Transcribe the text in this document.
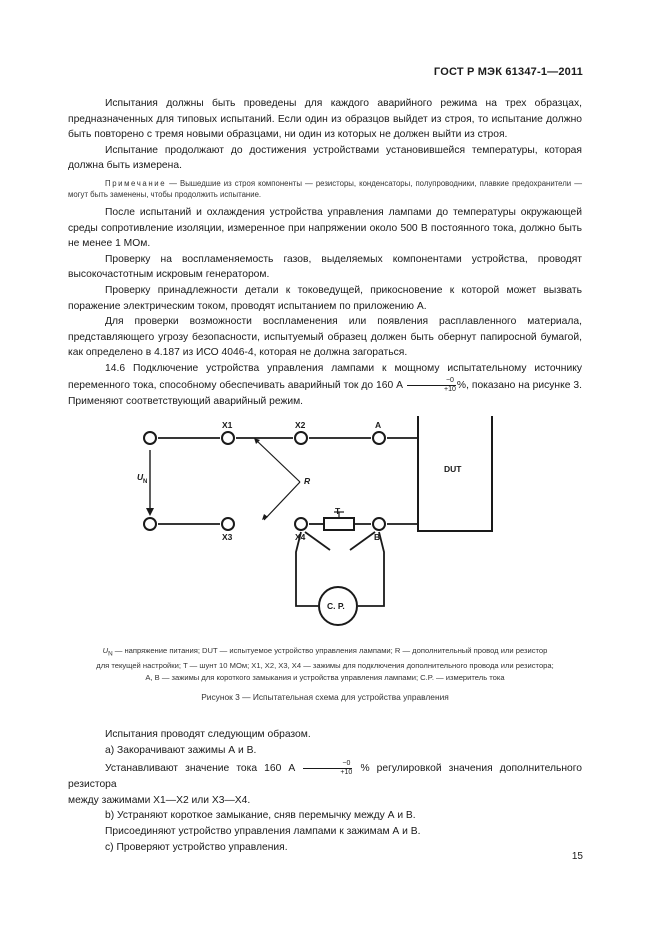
ГОСТ Р МЭК 61347-1—2011

Испытания должны быть проведены для каждого аварийного режима на трех образцах, предназначенных для типовых испытаний. Если один из образцов выйдет из строя, то испытание должно быть повторено с тремя новыми образцами, ни один из которых не должен выйти из строя.

Испытание продолжают до достижения устройствами установившейся температуры, которая должна быть измерена.

Примечание — Вышедшие из строя компоненты — резисторы, конденсаторы, полупроводники, плавкие предохранители — могут быть заменены, чтобы продолжить испытание.

После испытаний и охлаждения устройства управления лампами до температуры окружающей среды сопротивление изоляции, измеренное при напряжении около 500 В постоянного тока, должно быть не менее 1 МОм.

Проверку на воспламеняемость газов, выделяемых компонентами устройства, проводят высокочастотным искровым генератором.

Проверку принадлежности детали к токоведущей, прикосновение к которой может вызвать поражение электрическим током, проводят испытанием по приложению А.

Для проверки возможности воспламенения или появления расплавленного материала, представляющего угрозу безопасности, испытуемый образец должен быть обернут папиросной бумагой, как определено в 4.187 из ИСО 4046-4, которая не должна загораться.

14.6 Подключение устройства управления лампами к мощному испытательному источнику переменного тока, способному обеспечивать аварийный ток до 160 А $\frac{-0}{+10}$ %, показано на рисунке 3. Применяют соответствующий аварийный режим.

X1	X2	A
X3	X4	B
T
R
DUT
C. P.
U N
$U_N$ — напряжение питания; DUT — испытуемое устройство управления лампами; R — дополнительный провод или резистор
для текущей настройки; T — шунт 10 МОм; X1, X2, X3, X4 — зажимы для подключения дополнительного провода или резистора;
A, B — зажимы для короткого замыкания и устройства управления лампами; C.P. — измеритель тока
Рисунок 3 — Испытательная схема для устройства управления

Испытания проводят следующим образом.

a) Закорачивают зажимы А и В.

Устанавливают значение тока 160 А $\frac{-0}{+10}$ % регулировкой значения дополнительного резистора

между зажимами X1—X2 или X3—X4.

b) Устраняют короткое замыкание, сняв перемычку между А и В.

Присоединяют устройство управления лампами к зажимам А и В.

c) Проверяют устройство управления.

15
